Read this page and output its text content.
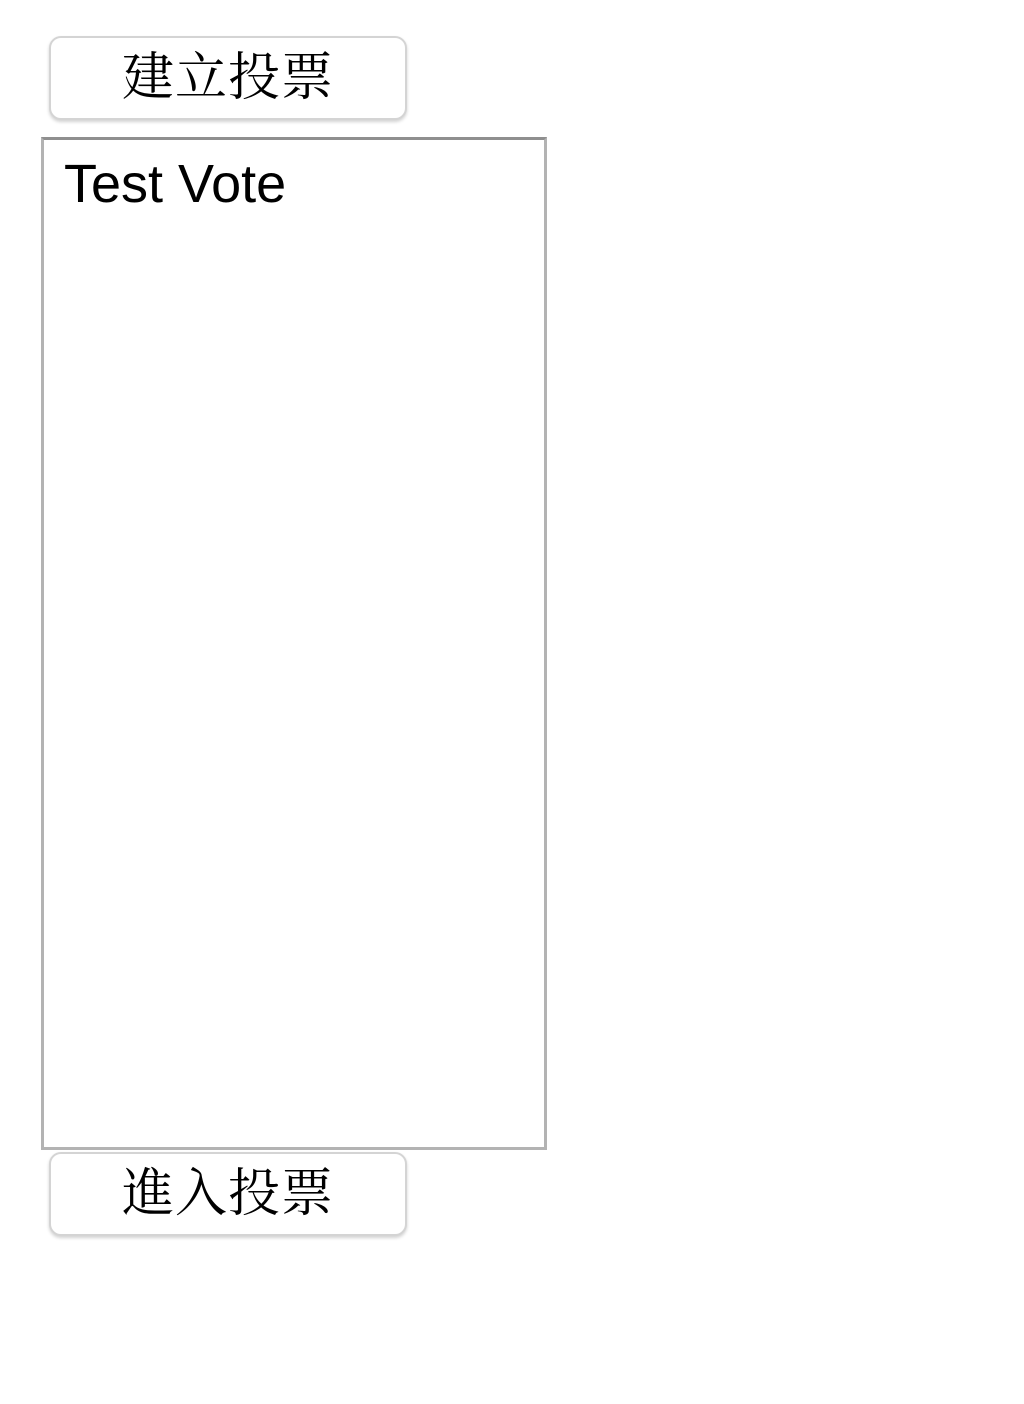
建立投票
Test Vote
進入投票
